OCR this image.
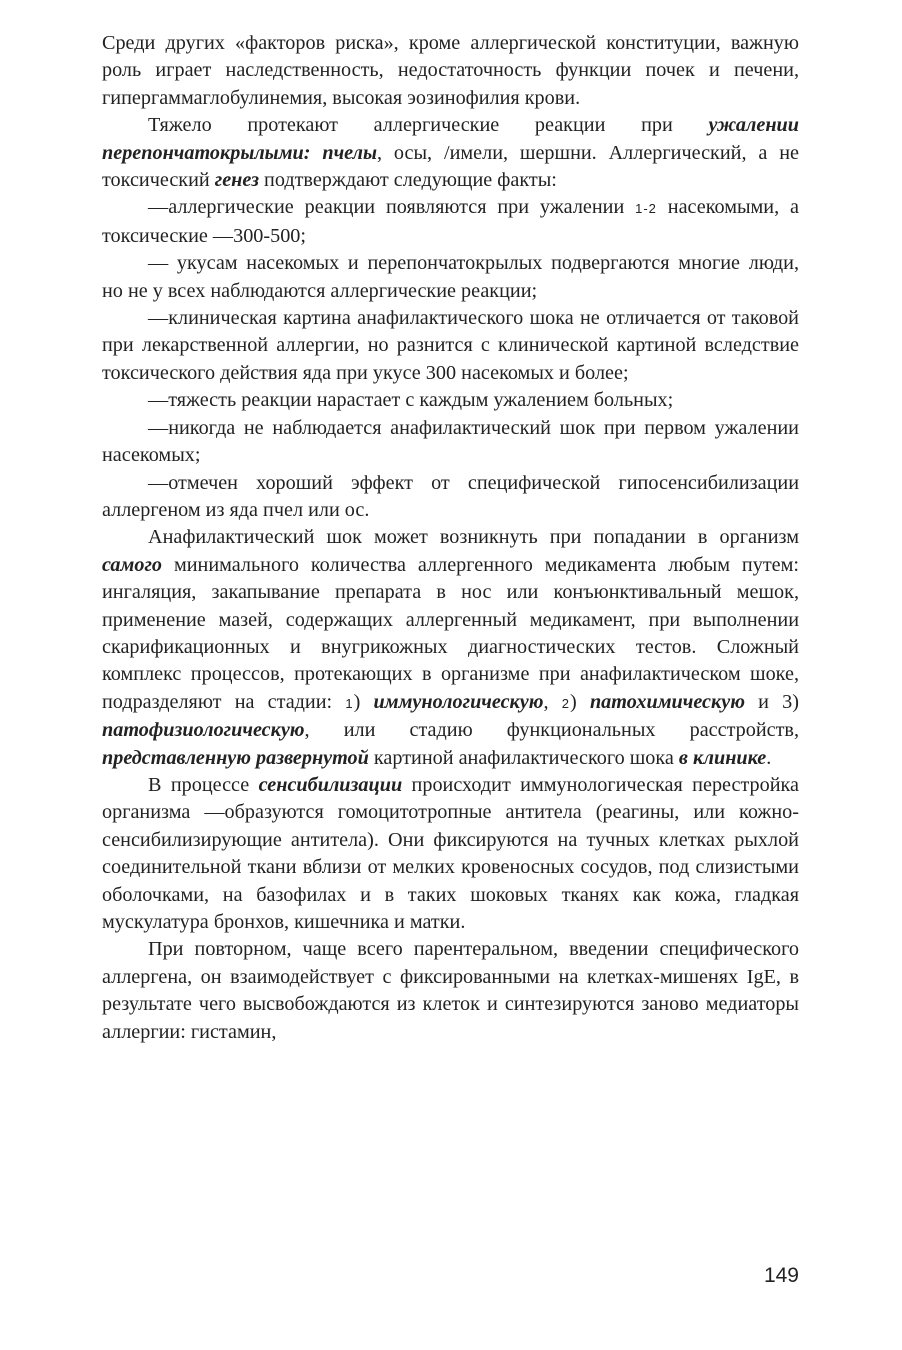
Среди других «факторов риска», кроме аллергической конституции, важную роль играет наследственность, недостаточность функции почек и печени, гипергаммаглобулинемия, высокая эозинофилия крови.

Тяжело протекают аллергические реакции при ужалении перепончатокрылыми: пчелы, осы, /имели, шершни. Аллергический, а не токсический генез подтверждают следующие факты:

—аллергические реакции появляются при ужалении 1-2 насекомыми, а токсические —300-500;

— укусам насекомых и перепончатокрылых подвергаются многие люди, но не у всех наблюдаются аллергические реакции;

—клиническая картина анафилактического шока не отличается от таковой при лекарственной аллергии, но разнится с клинической картиной вследствие токсического действия яда при укусе 300 насекомых и более;

—тяжесть реакции нарастает с каждым ужалением больных;

—никогда не наблюдается анафилактический шок при первом ужалении насекомых;

—отмечен хороший эффект от специфической гипосенсибилизации аллергеном из яда пчел или ос.

Анафилактический шок может возникнуть при попадании в организм самого минимального количества аллергенного медикамента любым путем: ингаляция, закапывание препарата в нос или конъюнктивальный мешок, применение мазей, содержащих аллергенный медикамент, при выполнении скарификационных и внугрикожных диагностических тестов. Сложный комплекс процессов, протекающих в организме при анафилактическом шоке, подразделяют на стадии: 1) иммунологическую, 2) патохимическую и 3) патофизиологическую, или стадию функциональных расстройств, представленную развернутой картиной анафилактического шока в клинике.

В процессе сенсибилизации происходит иммунологическая перестройка организма —образуются гомоцитотропные антитела (реагины, или кожно-сенсибилизирующие антитела). Они фиксируются на тучных клетках рыхлой соединительной ткани вблизи от мелких кровеносных сосудов, под слизистыми оболочками, на базофилах и в таких шоковых тканях как кожа, гладкая мускулатура бронхов, кишечника и матки.

При повторном, чаще всего парентеральном, введении специфического аллергена, он взаимодействует с фиксированными на клетках-мишенях IgE, в результате чего высвобождаются из клеток и синтезируются заново медиаторы аллергии: гистамин,

149
